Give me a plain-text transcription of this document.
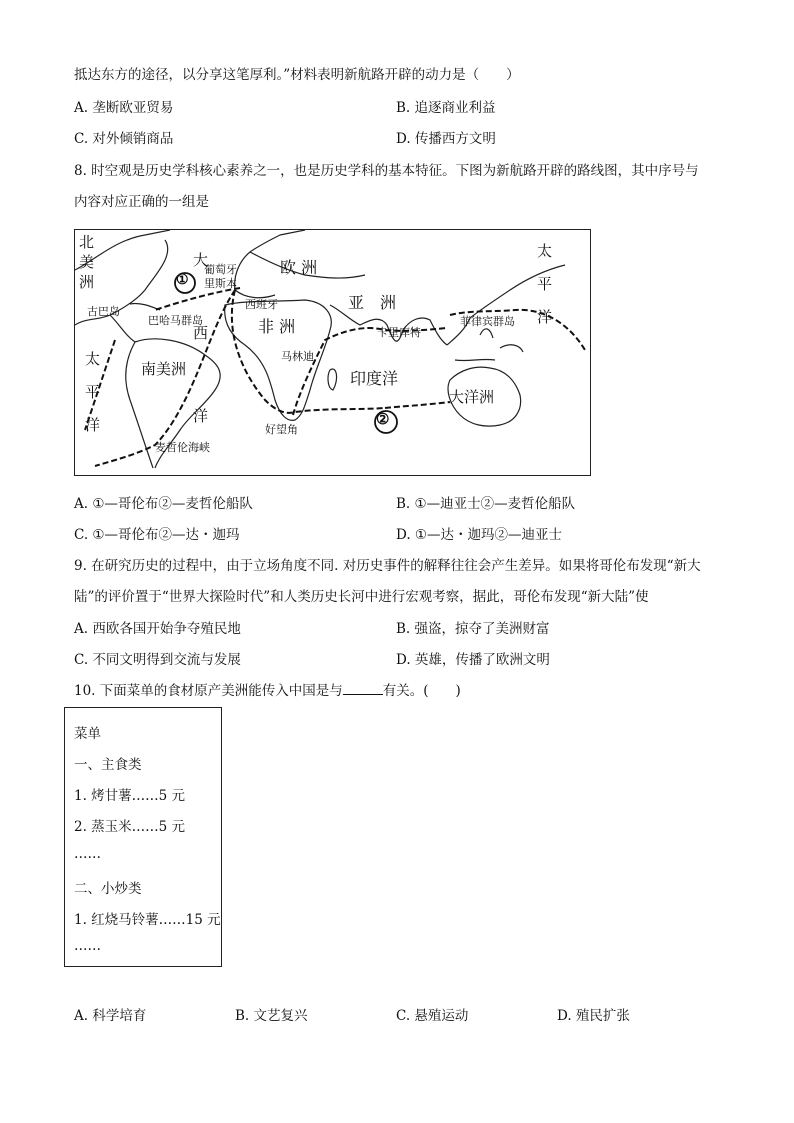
抵达东方的途径，以分享这笔厚利。”材料表明新航路开辟的动力是（　　）
A. 垄断欧亚贸易	B. 追逐商业利益
C. 对外倾销商品	D. 传播西方文明
8. 时空观是历史学科核心素养之一，也是历史学科的基本特征。下图为新航路开辟的路线图，其中序号与
内容对应正确的一组是
北
美
洲
太
平
洋
太
平
洋
大
西
洋
欧 洲
亚　洲
非 洲
南美洲	印度洋
大洋洲
葡萄牙
里斯本
西班牙
古巴岛
巴哈马群岛
马林迪
卡里库特
菲律宾群岛
好望角
麦哲伦海峡
①
②
A. ①—哥伦布②—麦哲伦船队	B. ①—迪亚士②—麦哲伦船队
C. ①—哥伦布②—达・迦玛	D. ①—达・迦玛②—迪亚士
9. 在研究历史的过程中，由于立场角度不同. 对历史事件的解释往往会产生差异。如果将哥伦布发现“新大
陆”的评价置于“世界大探险时代”和人类历史长河中进行宏观考察，据此，哥伦布发现“新大陆”使
A. 西欧各国开始争夺殖民地	B. 强盗，掠夺了美洲财富
C. 不同文明得到交流与发展	D. 英雄，传播了欧洲文明
10. 下面菜单的食材原产美洲能传入中国是与	有关。(　　)
菜单
一、主食类
1. 烤甘薯……5 元
2. 蒸玉米……5 元
……
二、小炒类
1. 红烧马铃薯……15 元
……
A. 科学培育	B. 文艺复兴	C. 悬殖运动	D. 殖民扩张
